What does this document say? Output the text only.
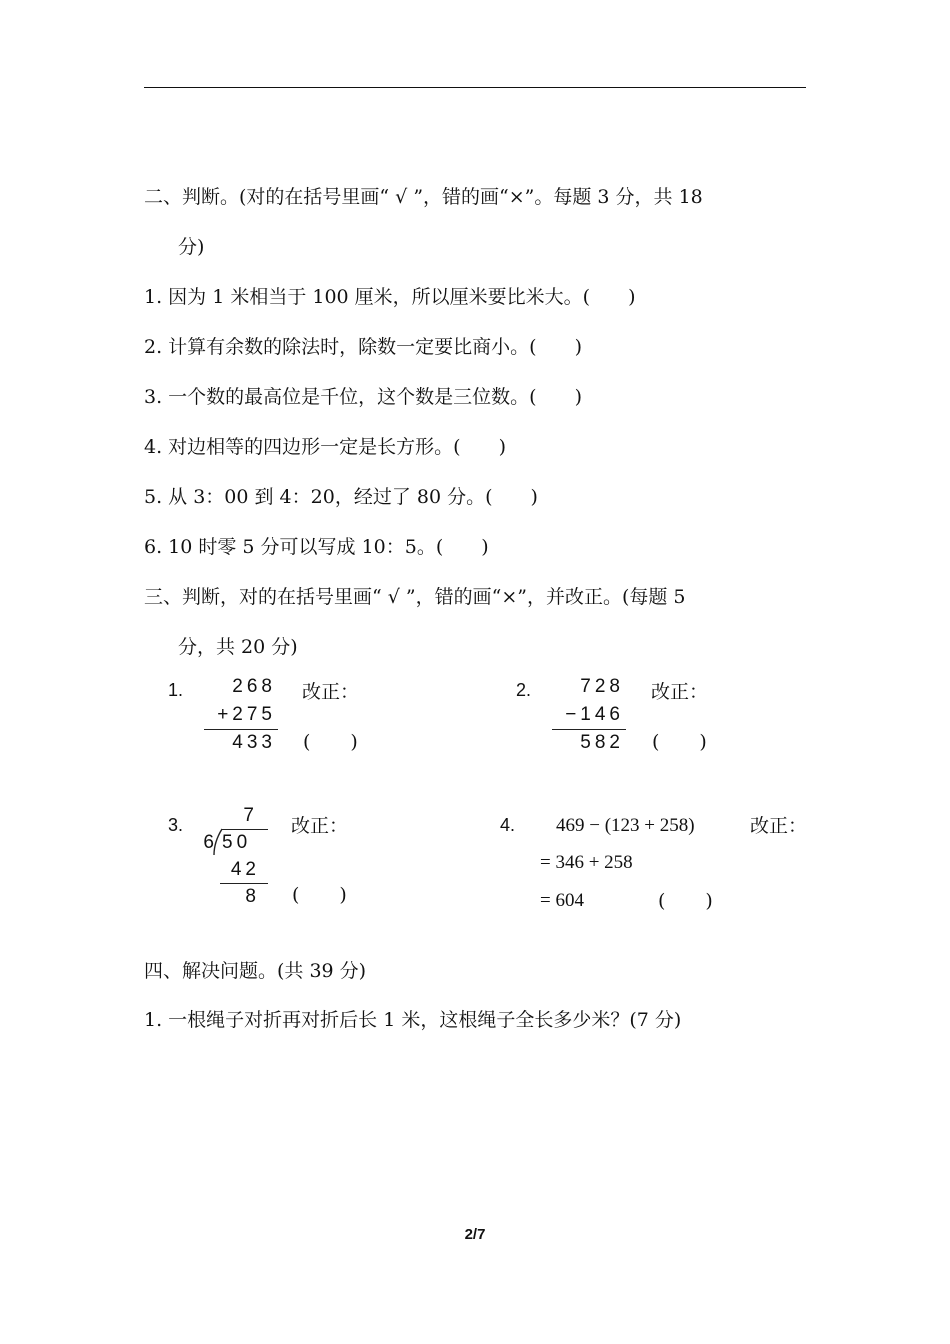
二、判断。(对的在括号里画“ √ ”，错的画“×”。每题 3 分，共 18
分)
1. 因为 1 米相当于 100 厘米，所以厘米要比米大。( )
2. 计算有余数的除法时，除数一定要比商小。( )
3. 一个数的最高位是千位，这个数是三位数。( )
4. 对边相等的四边形一定是长方形。( )
5. 从 3：00 到 4：20，经过了 80 分。( )
6. 10 时零 5 分可以写成 10：5。( )
三、判断，对的在括号里画“ √ ”，错的画“×”，并改正。(每题 5
分，共 20 分)
1.	268
+275
433
改正：
( )
2.	728
−146
582
改正：
( )
3.	7
6 50
42
8
改正：
( )
4. 469 − (123 + 258)
= 346 + 258
= 604
改正：
( )
四、解决问题。(共 39 分)
1. 一根绳子对折再对折后长 1 米，这根绳子全长多少米？(7 分)
2/7
